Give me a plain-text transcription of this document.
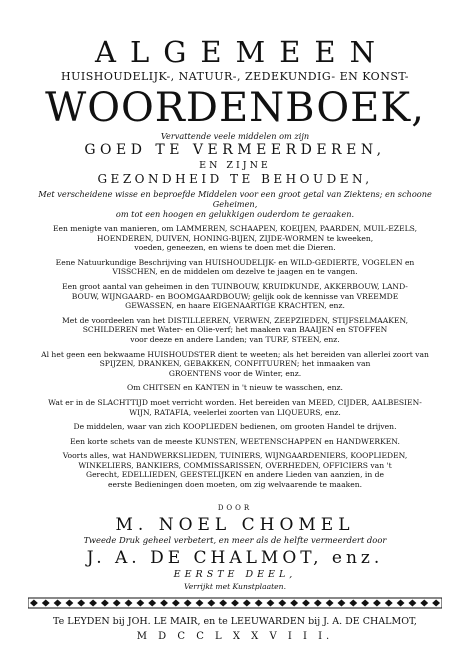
ALGEMEEN
HUISHOUDELIJK-, NATUUR-, ZEDEKUNDIG- EN KONST-
WOORDENBOEK,
Vervattende veele middelen om zijn
GOED TE VERMEERDEREN,
EN ZIJNE
GEZONDHEID TE BEHOUDEN,
Met verscheidene wisse en beproefde Middelen voor een groot getal van Ziektens; en schoone Geheimen,
om tot een hoogen en gelukkigen ouderdom te geraaken.
Een menigte van manieren, om LAMMEREN, SCHAAPEN, KOEIJEN, PAARDEN, MUIL-EZELS,
HOENDEREN, DUIVEN, HONING-BIJEN, ZIJDE-WORMEN te kweeken,
voeden, geneezen, en wiens te doen met die Dieren.
Eene Natuurkundige Beschrijving van HUISHOUDELIJK- en WILD-GEDIERTE, VOGELEN en
VISSCHEN, en de middelen om dezelve te jaagen en te vangen.
Een groot aantal van geheimen in den TUINBOUW, KRUIDKUNDE, AKKERBOUW, LAND-
BOUW, WIJNGAARD- en BOOMGAARDBOUW; gelijk ook de kennisse van VREEMDE
GEWASSEN, en haare EIGENAARTIGE KRACHTEN, enz.
Met de voordeelen van het DISTILLEEREN, VERWEN, ZEEPZIEDEN, STIJFSELMAAKEN,
SCHILDEREN met Water- en Olie-verf; het maaken van BAAIJEN en STOFFEN
voor deeze en andere Landen; van TURF, STEEN, enz.
Al het geen een bekwaame HUISHOUDSTER dient te weeten; als het bereiden van allerlei zoort van
SPIJZEN, DRANKEN, GEBAKKEN, CONFITUUREN; het inmaaken van
GROENTENS voor de Winter, enz.
Om CHITSEN en KANTEN in 't nieuw te wasschen, enz.
Wat er in de SLACHTTIJD moet verricht worden. Het bereiden van MEED, CIJDER, AALBESIEN-
WIJN, RATAFIA, veelerlei zoorten van LIQUEURS, enz.
De middelen, waar van zich KOOPLIEDEN bedienen, om grooten Handel te drijven.
Een korte schets van de meeste KUNSTEN, WEETENSCHAPPEN en HANDWERKEN.
Voorts alles, wat HANDWERKSLIEDEN, TUINIERS, WIJNGAARDENIERS, KOOPLIEDEN,
WINKELIERS, BANKIERS, COMMISSARISSEN, OVERHEDEN, OFFICIERS van 't
Gerecht, EDELLIEDEN, GEESTELIJKEN en andere Lieden van aanzien, in de
eerste Bedieningen doen moeten, om zig welvaarende te maaken.
DOOR
M. NOEL CHOMEL
Tweede Druk geheel verbetert, en meer als de helfte vermeerdert door
J. A. DE CHALMOT, enz.
EERSTE DEEL,
Verrijkt met Kunstplaaten.
Te LEYDEN bij JOH. LE MAIR, en te LEEUWARDEN bij J. A. DE CHALMOT,
M D C C L X X V I I I.
